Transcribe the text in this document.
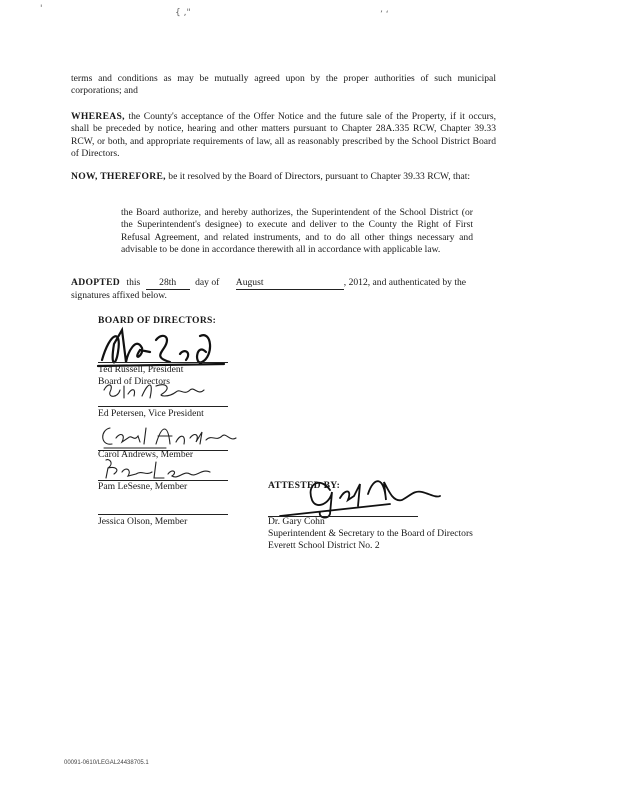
'	{ ,"	’ ‘
terms and conditions as may be mutually agreed upon by the proper authorities of such municipal corporations; and
WHEREAS, the County's acceptance of the Offer Notice and the future sale of the Property, if it occurs, shall be preceded by notice, hearing and other matters pursuant to Chapter 28A.335 RCW, Chapter 39.33 RCW, or both, and appropriate requirements of law, all as reasonably prescribed by the School District Board of Directors.
NOW, THEREFORE, be it resolved by the Board of Directors, pursuant to Chapter 39.33 RCW, that:
the Board authorize, and hereby authorizes, the Superintendent of the School District (or the Superintendent's designee) to execute and deliver to the County the Right of First Refusal Agreement, and related instruments, and to do all other things necessary and advisable to be done in accordance therewith all in accordance with applicable law.
ADOPTED this 28th day of August	, 2012, and authenticated by the
signatures affixed below.
BOARD OF DIRECTORS:
Ted Russell, President
Board of Directors
Ed Petersen, Vice President
Carol Andrews, Member
Pam LeSesne, Member
Jessica Olson, Member
ATTESTED BY:
Dr. Gary Cohn
Superintendent & Secretary to the Board of Directors
Everett School District No. 2
00091-0610/LEGAL24438705.1
